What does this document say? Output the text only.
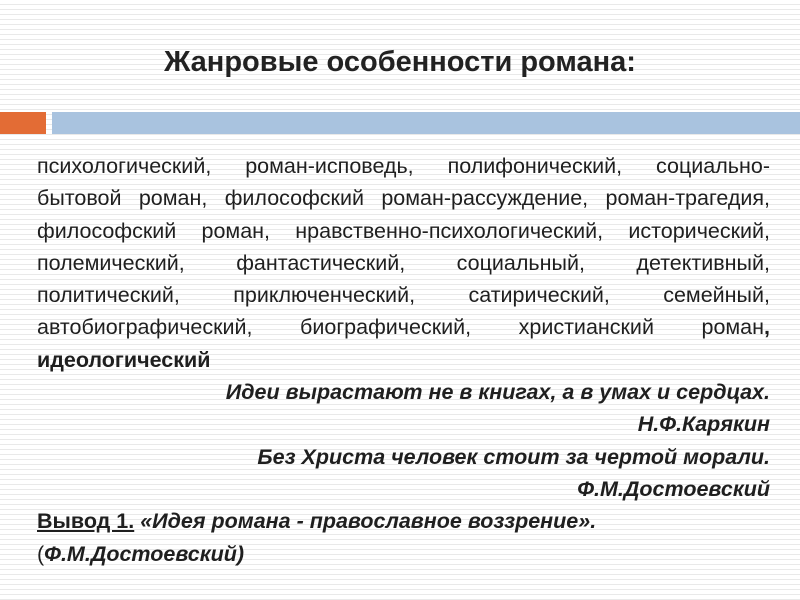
Жанровые особенности романа:

психологический, роман-исповедь, полифонический, социально-бытовой роман, философский роман-рассуждение, роман-трагедия, философский роман, нравственно-психологический, исторический, полемический, фантастический, социальный, детективный, политический, приключенческий, сатирический, семейный, автобиографический, биографический, христианский роман, идеологический

Идеи вырастают не в книгах, а в умах и сердцах.

Н.Ф.Карякин

Без Христа человек стоит за чертой морали.

Ф.М.Достоевский

Вывод 1. «Идея романа - православное воззрение».
(Ф.М.Достоевский)
